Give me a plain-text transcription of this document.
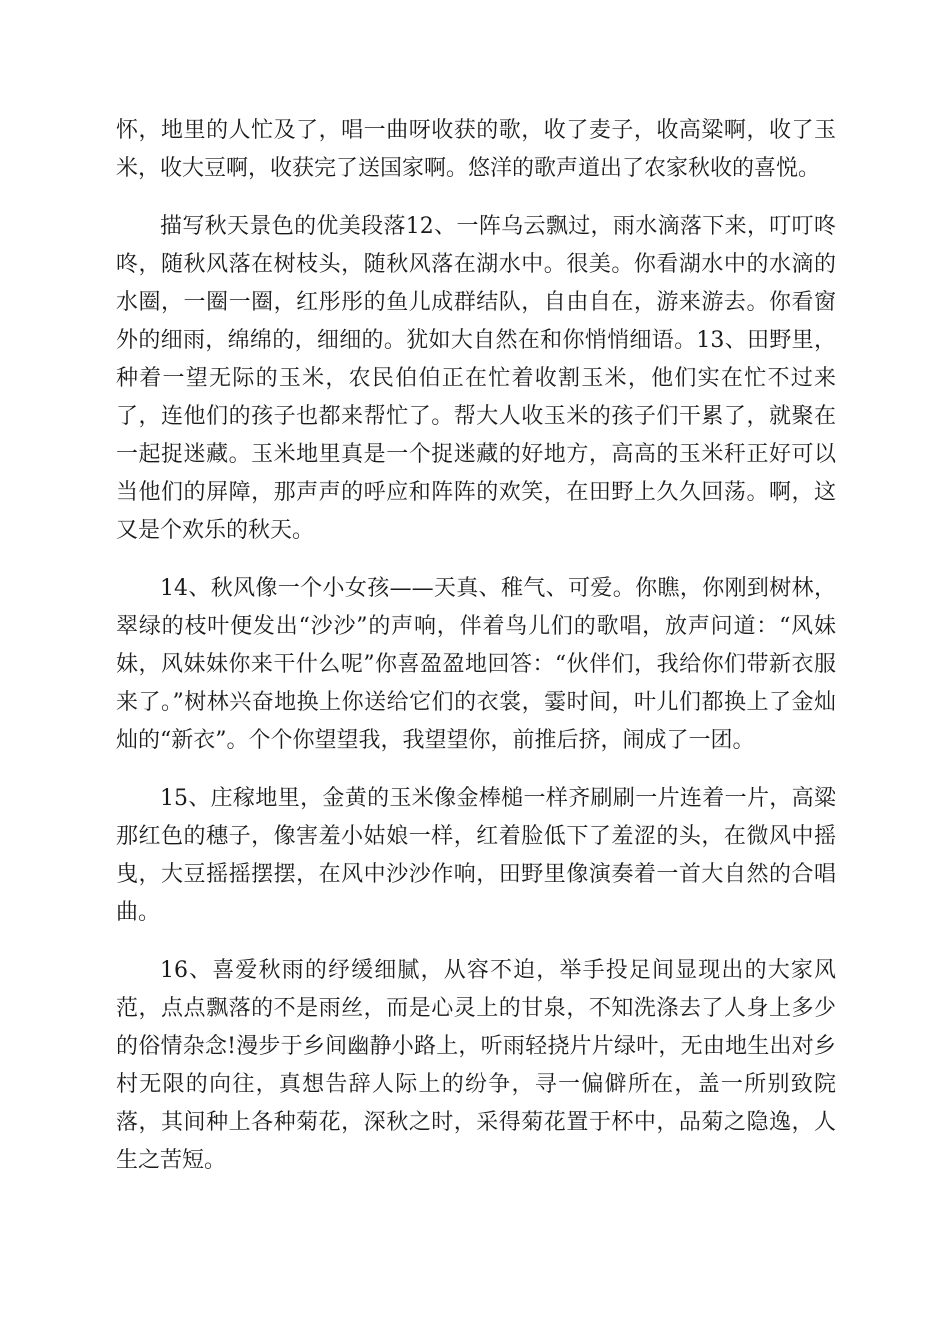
怀，地里的人忙及了，唱一曲呀收获的歌，收了麦子，收高粱啊，收了玉米，收大豆啊，收获完了送国家啊。悠洋的歌声道出了农家秋收的喜悦。

描写秋天景色的优美段落12、一阵乌云飘过，雨水滴落下来，叮叮咚咚，随秋风落在树枝头，随秋风落在湖水中。很美。你看湖水中的水滴的水圈，一圈一圈，红彤彤的鱼儿成群结队，自由自在，游来游去。你看窗外的细雨，绵绵的，细细的。犹如大自然在和你悄悄细语。13、田野里，种着一望无际的玉米，农民伯伯正在忙着收割玉米，他们实在忙不过来了，连他们的孩子也都来帮忙了。帮大人收玉米的孩子们干累了，就聚在一起捉迷藏。玉米地里真是一个捉迷藏的好地方，高高的玉米秆正好可以当他们的屏障，那声声的呼应和阵阵的欢笑，在田野上久久回荡。啊，这又是个欢乐的秋天。

14、秋风像一个小女孩——天真、稚气、可爱。你瞧，你刚到树林，翠绿的枝叶便发出“沙沙”的声响，伴着鸟儿们的歌唱，放声问道：“风妹妹，风妹妹你来干什么呢”你喜盈盈地回答：“伙伴们，我给你们带新衣服来了。”树林兴奋地换上你送给它们的衣裳，霎时间，叶儿们都换上了金灿灿的“新衣”。个个你望望我，我望望你，前推后挤，闹成了一团。

15、庄稼地里，金黄的玉米像金棒槌一样齐刷刷一片连着一片，高粱那红色的穗子，像害羞小姑娘一样，红着脸低下了羞涩的头，在微风中摇曳，大豆摇摇摆摆，在风中沙沙作响，田野里像演奏着一首大自然的合唱曲。

16、喜爱秋雨的纾缓细腻，从容不迫，举手投足间显现出的大家风范，点点飘落的不是雨丝，而是心灵上的甘泉，不知洗涤去了人身上多少的俗情杂念!漫步于乡间幽静小路上，听雨轻挠片片绿叶，无由地生出对乡村无限的向往，真想告辞人际上的纷争，寻一偏僻所在，盖一所别致院落，其间种上各种菊花，深秋之时，采得菊花置于杯中，品菊之隐逸，人生之苦短。
